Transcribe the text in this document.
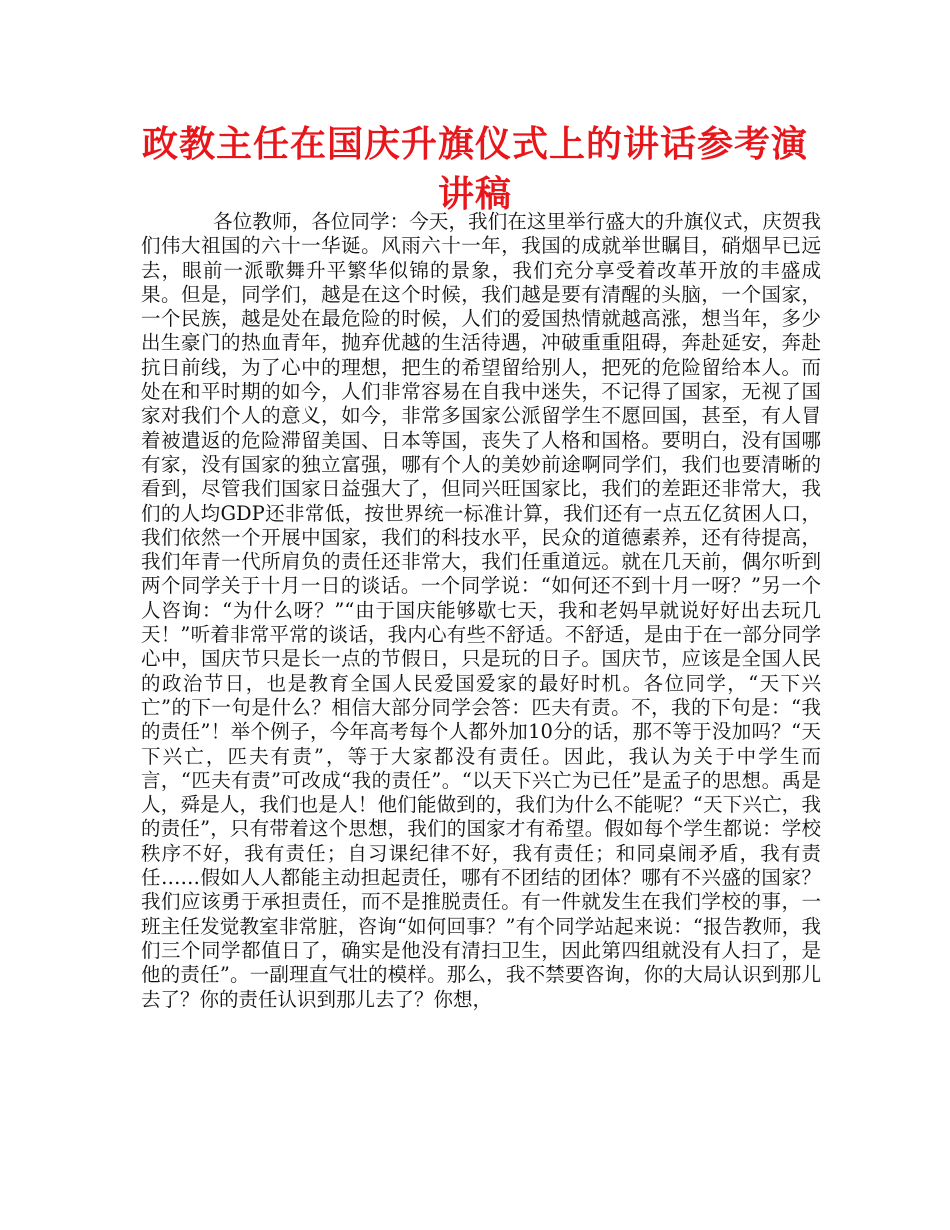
政教主任在国庆升旗仪式上的讲话参考演讲稿

各位教师，各位同学：今天，我们在这里举行盛大的升旗仪式，庆贺我们伟大祖国的六十一华诞。风雨六十一年，我国的成就举世瞩目，硝烟早已远去，眼前一派歌舞升平繁华似锦的景象，我们充分享受着改革开放的丰盛成果。但是，同学们，越是在这个时候，我们越是要有清醒的头脑，一个国家，一个民族，越是处在最危险的时候，人们的爱国热情就越高涨，想当年，多少出生豪门的热血青年，抛弃优越的生活待遇，冲破重重阻碍，奔赴延安，奔赴抗日前线，为了心中的理想，把生的希望留给别人，把死的危险留给本人。而处在和平时期的如今，人们非常容易在自我中迷失，不记得了国家，无视了国家对我们个人的意义，如今，非常多国家公派留学生不愿回国，甚至，有人冒着被遣返的危险滞留美国、日本等国，丧失了人格和国格。要明白，没有国哪有家，没有国家的独立富强，哪有个人的美妙前途啊同学们，我们也要清晰的看到，尽管我们国家日益强大了，但同兴旺国家比，我们的差距还非常大，我们的人均GDP还非常低，按世界统一标准计算，我们还有一点五亿贫困人口，我们依然一个开展中国家，我们的科技水平，民众的道德素养，还有待提高，我们年青一代所肩负的责任还非常大，我们任重道远。就在几天前，偶尔听到两个同学关于十月一日的谈话。一个同学说：“如何还不到十月一呀？”另一个人咨询：“为什么呀？”“由于国庆能够歇七天，我和老妈早就说好好出去玩几天！”听着非常平常的谈话，我内心有些不舒适。不舒适，是由于在一部分同学心中，国庆节只是长一点的节假日，只是玩的日子。国庆节，应该是全国人民的政治节日，也是教育全国人民爱国爱家的最好时机。各位同学，“天下兴亡”的下一句是什么？相信大部分同学会答：匹夫有责。不，我的下句是：“我的责任”！举个例子，今年高考每个人都外加10分的话，那不等于没加吗？“天下兴亡，匹夫有责”，等于大家都没有责任。因此，我认为关于中学生而言，“匹夫有责”可改成“我的责任”。“以天下兴亡为已任”是孟子的思想。禹是人，舜是人，我们也是人！他们能做到的，我们为什么不能呢？“天下兴亡，我的责任”，只有带着这个思想，我们的国家才有希望。假如每个学生都说：学校秩序不好，我有责任；自习课纪律不好，我有责任；和同桌闹矛盾，我有责任……假如人人都能主动担起责任，哪有不团结的团体？哪有不兴盛的国家？我们应该勇于承担责任，而不是推脱责任。有一件就发生在我们学校的事，一班主任发觉教室非常脏，咨询“如何回事？”有个同学站起来说：“报告教师，我们三个同学都值日了，确实是他没有清扫卫生，因此第四组就没有人扫了，是他的责任”。一副理直气壮的模样。那么，我不禁要咨询，你的大局认识到那儿去了？你的责任认识到那儿去了？你想，
